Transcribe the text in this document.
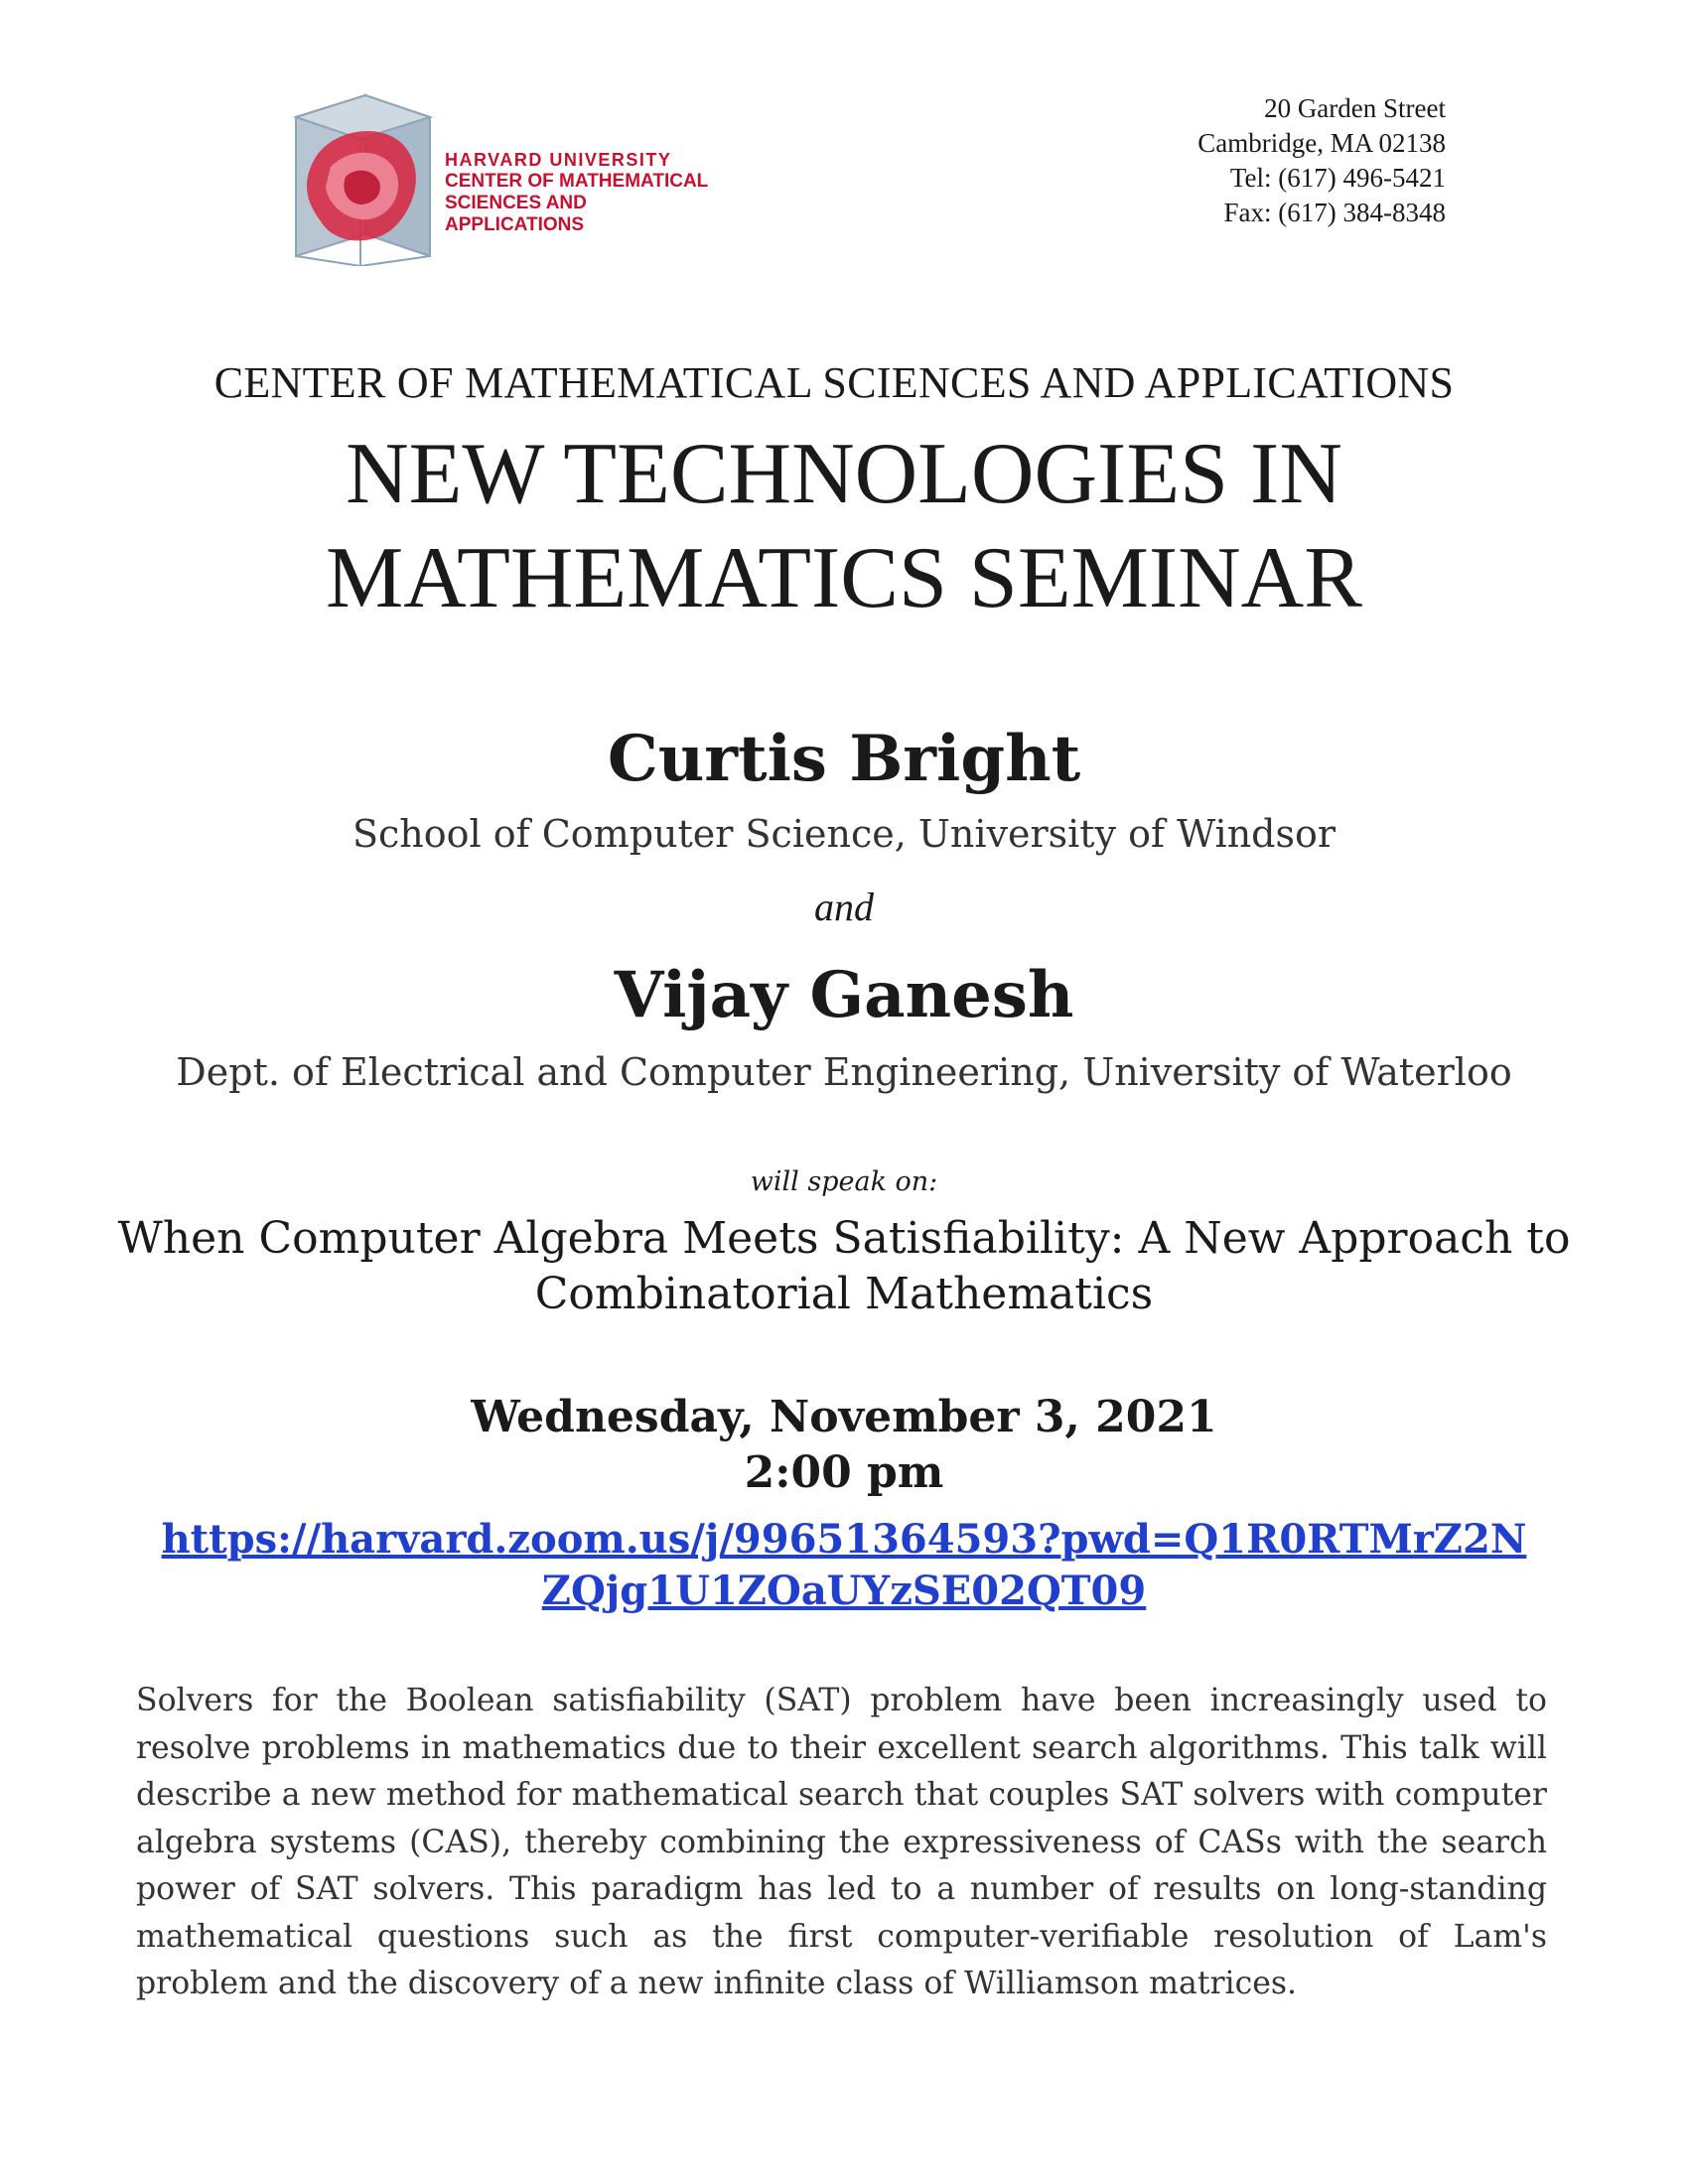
HARVARD UNIVERSITY
CENTER OF MATHEMATICAL
SCIENCES AND APPLICATIONS
20 Garden Street
Cambridge, MA 02138
Tel: (617) 496-5421
Fax: (617) 384-8348
CENTER OF MATHEMATICAL SCIENCES AND APPLICATIONS
NEW TECHNOLOGIES IN
MATHEMATICS SEMINAR
Curtis Bright
School of Computer Science, University of Windsor
and
Vijay Ganesh
Dept. of Electrical and Computer Engineering, University of Waterloo
will speak on:
When Computer Algebra Meets Satisfiability: A New Approach to
Combinatorial Mathematics
Wednesday, November 3, 2021
2:00 pm
https://harvard.zoom.us/j/99651364593?pwd=Q1R0RTMrZ2N
ZQjg1U1ZOaUYzSE02QT09
Solvers for the Boolean satisfiability (SAT) problem have been increasingly used to resolve problems in mathematics due to their excellent search algorithms. This talk will describe a new method for mathematical search that couples SAT solvers with computer algebra systems (CAS), thereby combining the expressiveness of CASs with the search power of SAT solvers. This paradigm has led to a number of results on long-standing mathematical questions such as the first computer-verifiable resolution of Lam's problem and the discovery of a new infinite class of Williamson matrices.
